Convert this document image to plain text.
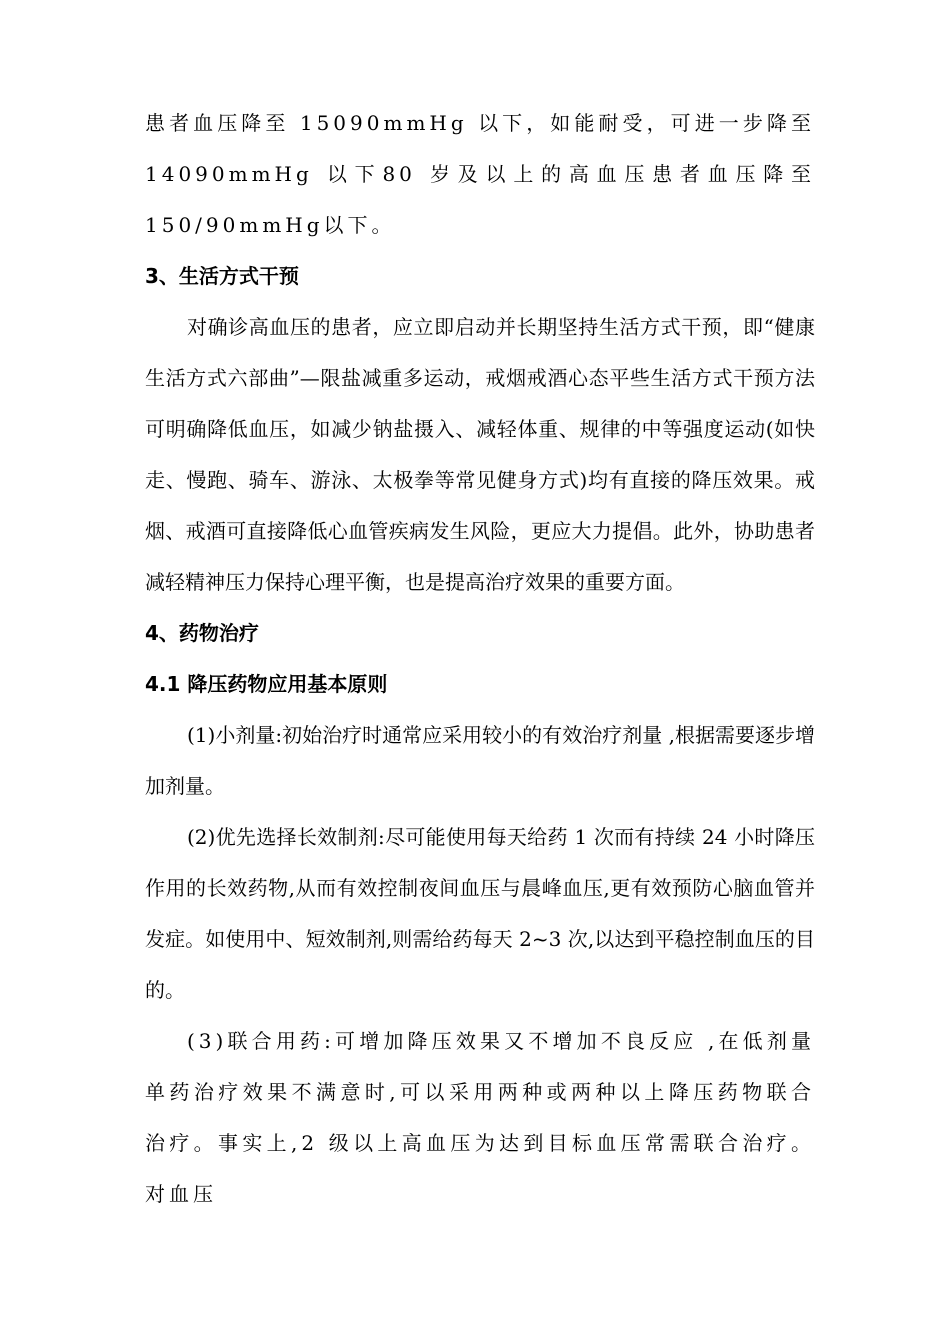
患者血压降至 15090mmHg 以下，如能耐受，可进一步降至14090mmHg 以下80 岁及以上的高血压患者血压降至 150/90mmHg以下。

3、生活方式干预

对确诊高血压的患者，应立即启动并长期坚持生活方式干预，即“健康生活方式六部曲”—限盐减重多运动，戒烟戒酒心态平些生活方式干预方法可明确降低血压，如减少钠盐摄入、减轻体重、规律的中等强度运动(如快走、慢跑、骑车、游泳、太极拳等常见健身方式)均有直接的降压效果。戒烟、戒酒可直接降低心血管疾病发生风险，更应大力提倡。此外，协助患者减轻精神压力保持心理平衡，也是提高治疗效果的重要方面。

4、药物治疗

4.1 降压药物应用基本原则

(1)小剂量:初始治疗时通常应采用较小的有效治疗剂量 ,根据需要逐步增加剂量。

(2)优先选择长效制剂:尽可能使用每天给药 1 次而有持续 24 小时降压作用的长效药物,从而有效控制夜间血压与晨峰血压,更有效预防心脑血管并发症。如使用中、短效制剂,则需给药每天 2~3 次,以达到平稳控制血压的目的。

(3)联合用药:可增加降压效果又不增加不良反应 ,在低剂量单药治疗效果不满意时,可以采用两种或两种以上降压药物联合治疗。事实上,2 级以上高血压为达到目标血压常需联合治疗。对血压
